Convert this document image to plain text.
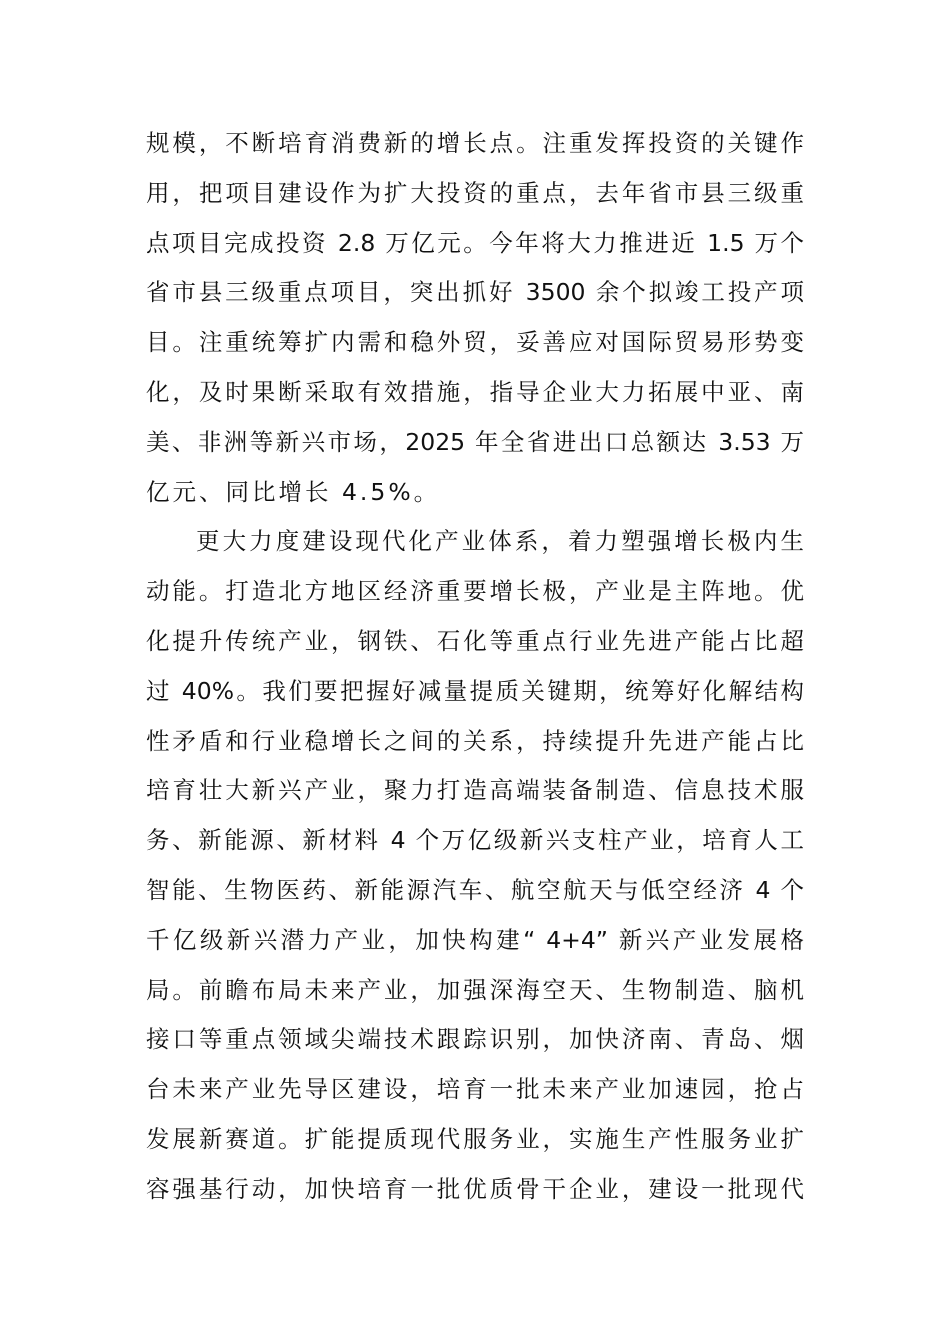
规模，不断培育消费新的增长点。注重发挥投资的关键作
用，把项目建设作为扩大投资的重点，去年省市县三级重
点项目完成投资 2.8 万亿元。今年将大力推进近 1.5 万个
省市县三级重点项目，突出抓好 3500 余个拟竣工投产项
目。注重统筹扩内需和稳外贸，妥善应对国际贸易形势变
化，及时果断采取有效措施，指导企业大力拓展中亚、南
美、非洲等新兴市场，2025 年全省进出口总额达 3.53 万
亿元、同比增长 4.5%。
更大力度建设现代化产业体系，着力塑强增长极内生
动能。打造北方地区经济重要增长极，产业是主阵地。优
化提升传统产业，钢铁、石化等重点行业先进产能占比超
过 40%。我们要把握好减量提质关键期，统筹好化解结构
性矛盾和行业稳增长之间的关系，持续提升先进产能占比
培育壮大新兴产业，聚力打造高端装备制造、信息技术服
务、新能源、新材料 4 个万亿级新兴支柱产业，培育人工
智能、生物医药、新能源汽车、航空航天与低空经济 4 个
千亿级新兴潜力产业，加快构建“ 4+4” 新兴产业发展格
局。前瞻布局未来产业，加强深海空天、生物制造、脑机
接口等重点领域尖端技术跟踪识别，加快济南、青岛、烟
台未来产业先导区建设，培育一批未来产业加速园，抢占
发展新赛道。扩能提质现代服务业，实施生产性服务业扩
容强基行动，加快培育一批优质骨干企业，建设一批现代
